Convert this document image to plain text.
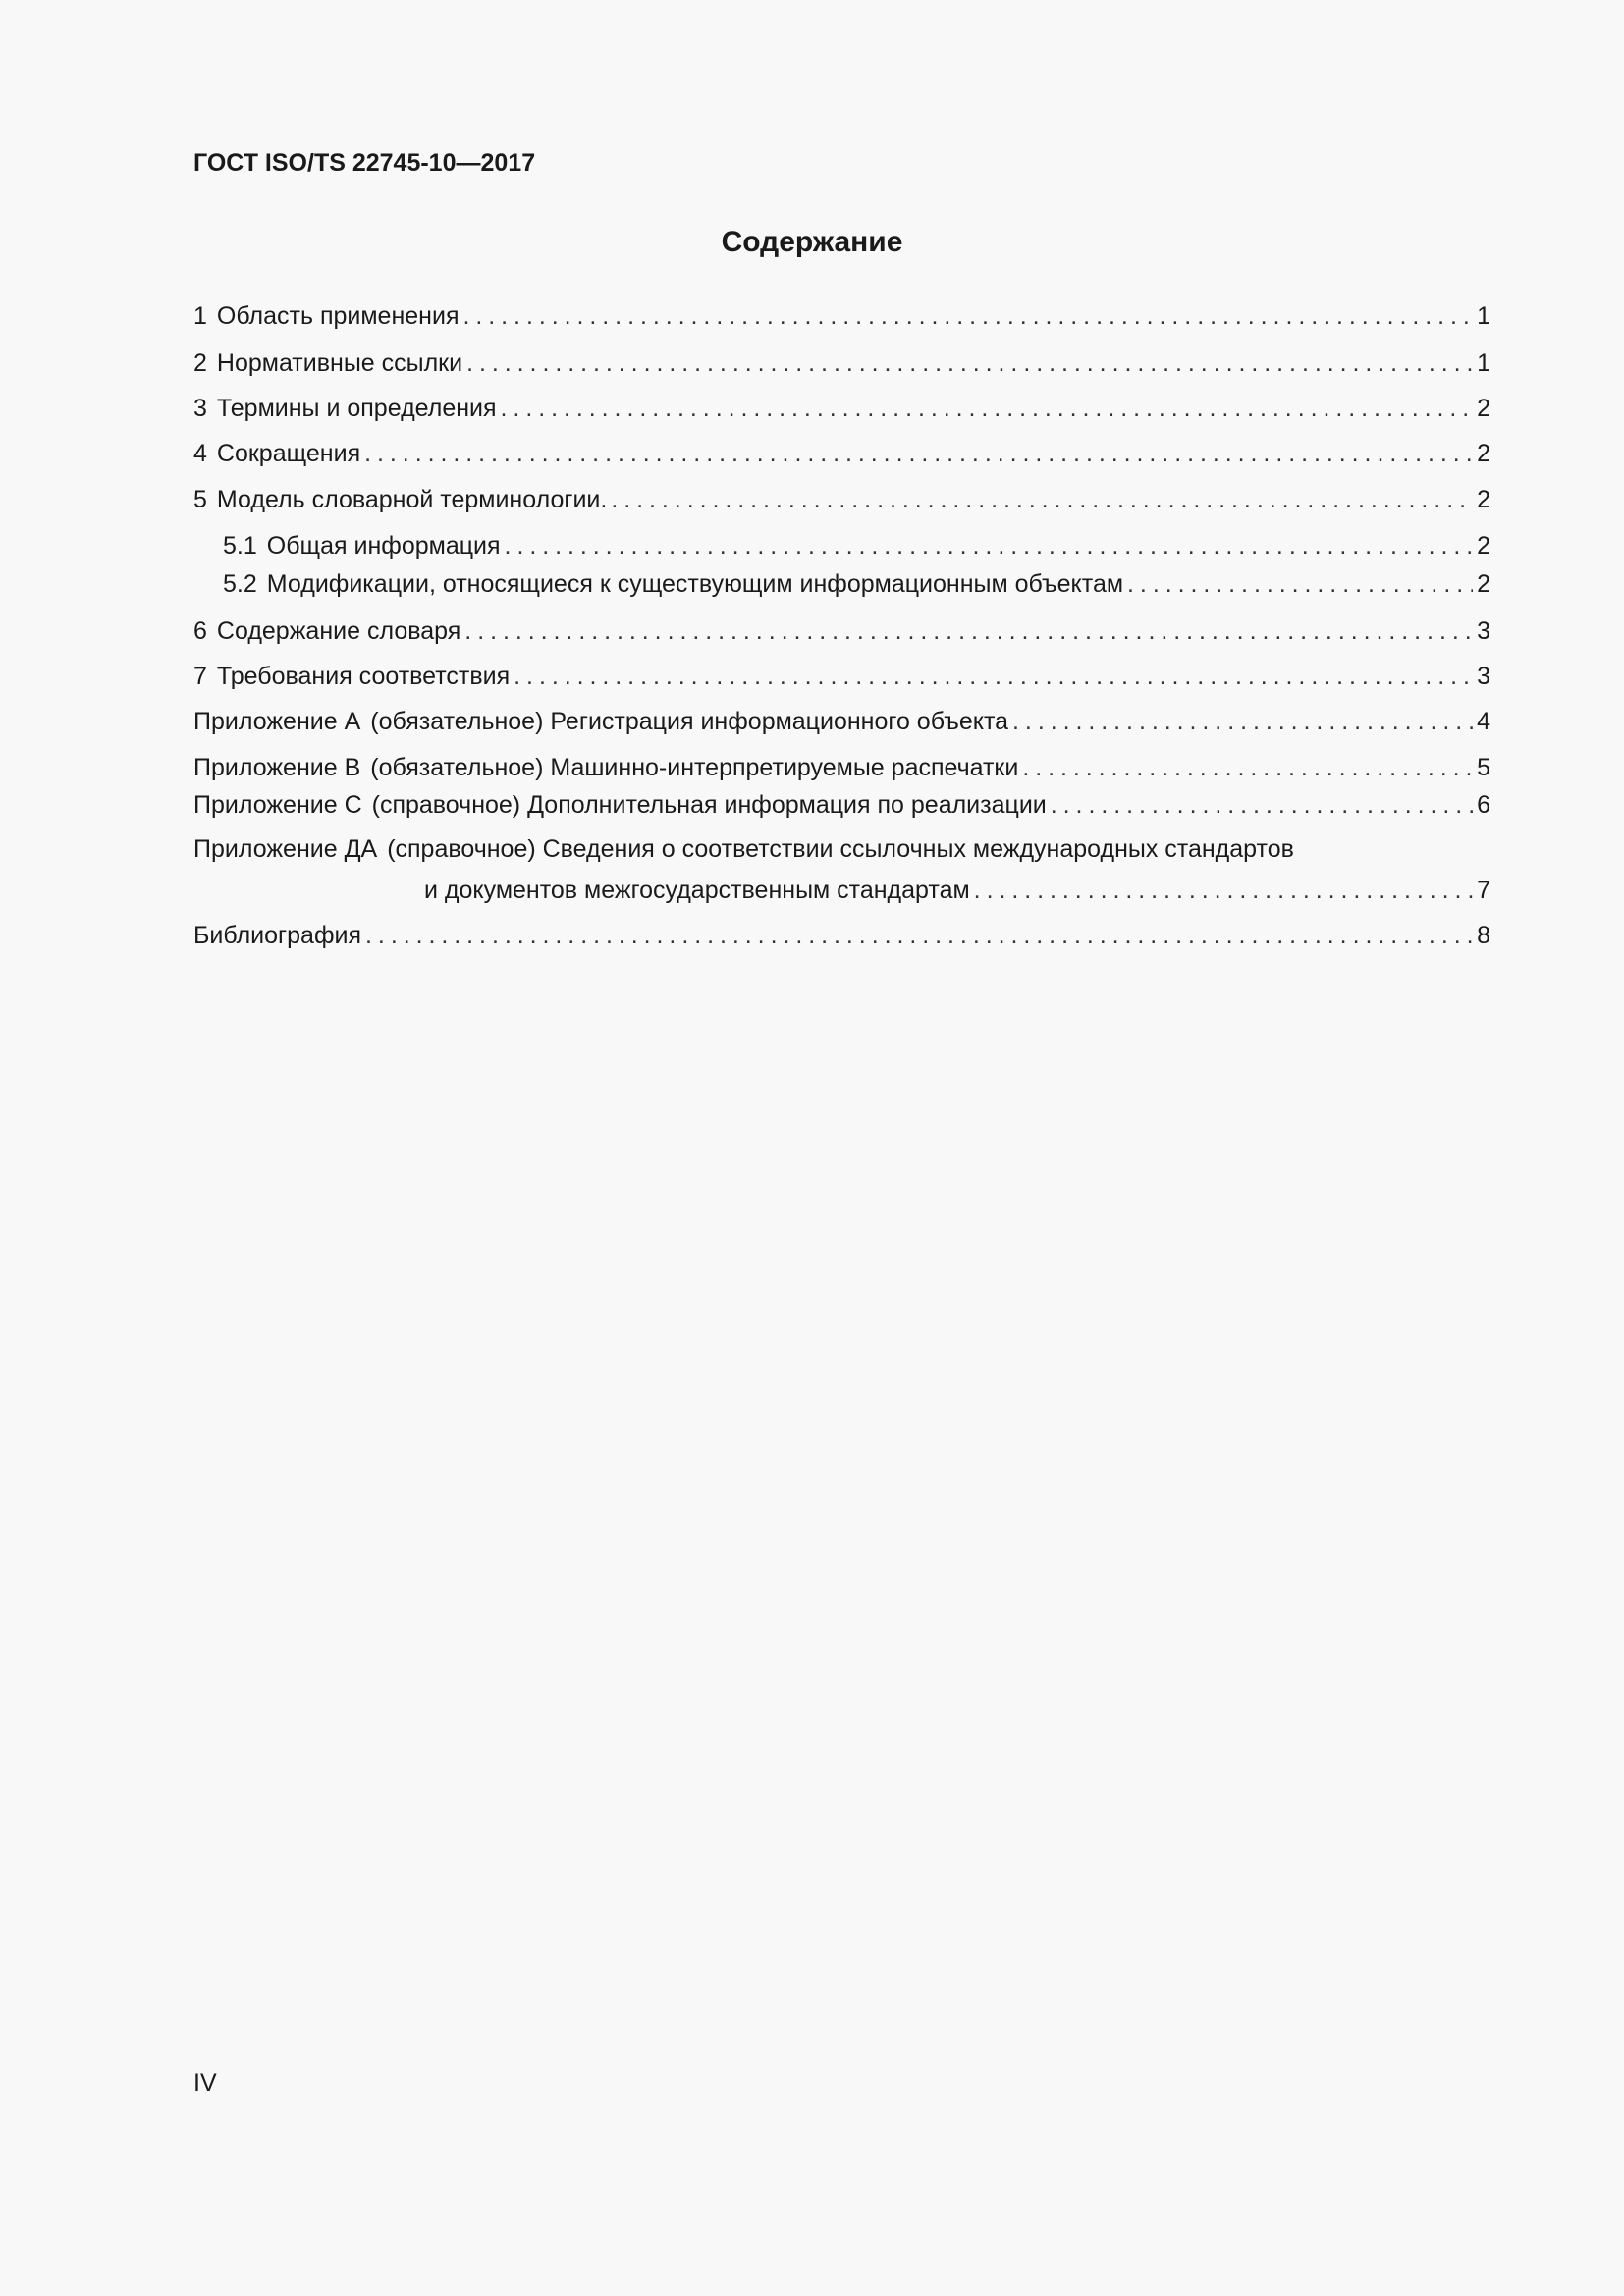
ГОСТ ISO/TS 22745-10—2017
Содержание
1 Область применения . . .	1
2 Нормативные ссылки . . .	1
3 Термины и определения . . .	2
4 Сокращения . . .	2
5 Модель словарной терминологии. . . .	2
5.1 Общая информация . . .	2
5.2 Модификации, относящиеся к существующим информационным объектам . . .	2
6 Содержание словаря . . .	3
7 Требования соответствия . . .	3
Приложение А (обязательное) Регистрация информационного объекта . . .	4
Приложение В (обязательное) Машинно-интерпретируемые распечатки . . .	5
Приложение С (справочное) Дополнительная информация по реализации . . .	6
Приложение ДА (справочное) Сведения о соответствии ссылочных международных стандартов
и документов межгосударственным стандартам . . .	7
Библиография . . .	8
IV
